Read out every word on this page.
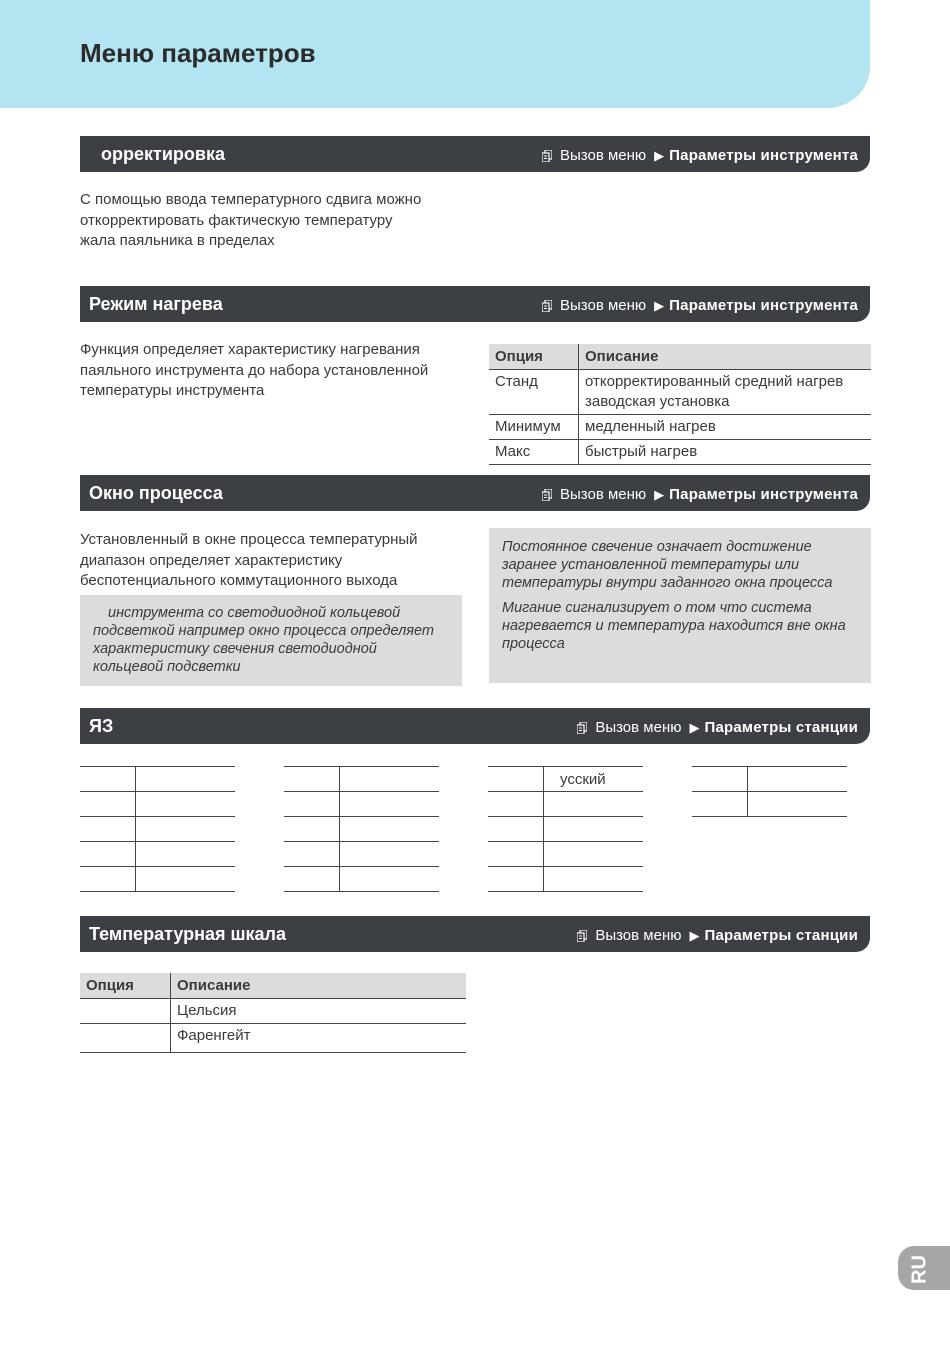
Меню параметров
орректировка	Вызов меню ▶ Параметры инструмента
С помощью ввода температурного сдвига можно откорректировать фактическую температуру жала паяльника в пределах
Режим нагрева	Вызов меню ▶ Параметры инструмента
Функция определяет характеристику нагревания паяльного инструмента до набора установленной температуры инструмента
Опция	Описание
Станд	откорректированный средний нагрев заводская установка
Минимум	медленный нагрев
Макс	быстрый нагрев
Окно процесса	Вызов меню ▶ Параметры инструмента
Установленный в окне процесса температурный диапазон определяет характеристику беспотенциального коммутационного выхода

инструмента со светодиодной кольцевой подсветкой например окно процесса определяет характеристику свечения светодиодной кольцевой подсветки

Постоянное свечение означает достижение заранее установленной температуры или температуры внутри заданного окна процесса

Мигание сигнализирует о том что система нагревается и температура находится вне окна процесса

ЯЗ	Вызов меню ▶ Параметры станции

	усский

Температурная шкала	Вызов меню ▶ Параметры станции
Опция	Описание
	Цельсия
	Фаренгейт
RU
